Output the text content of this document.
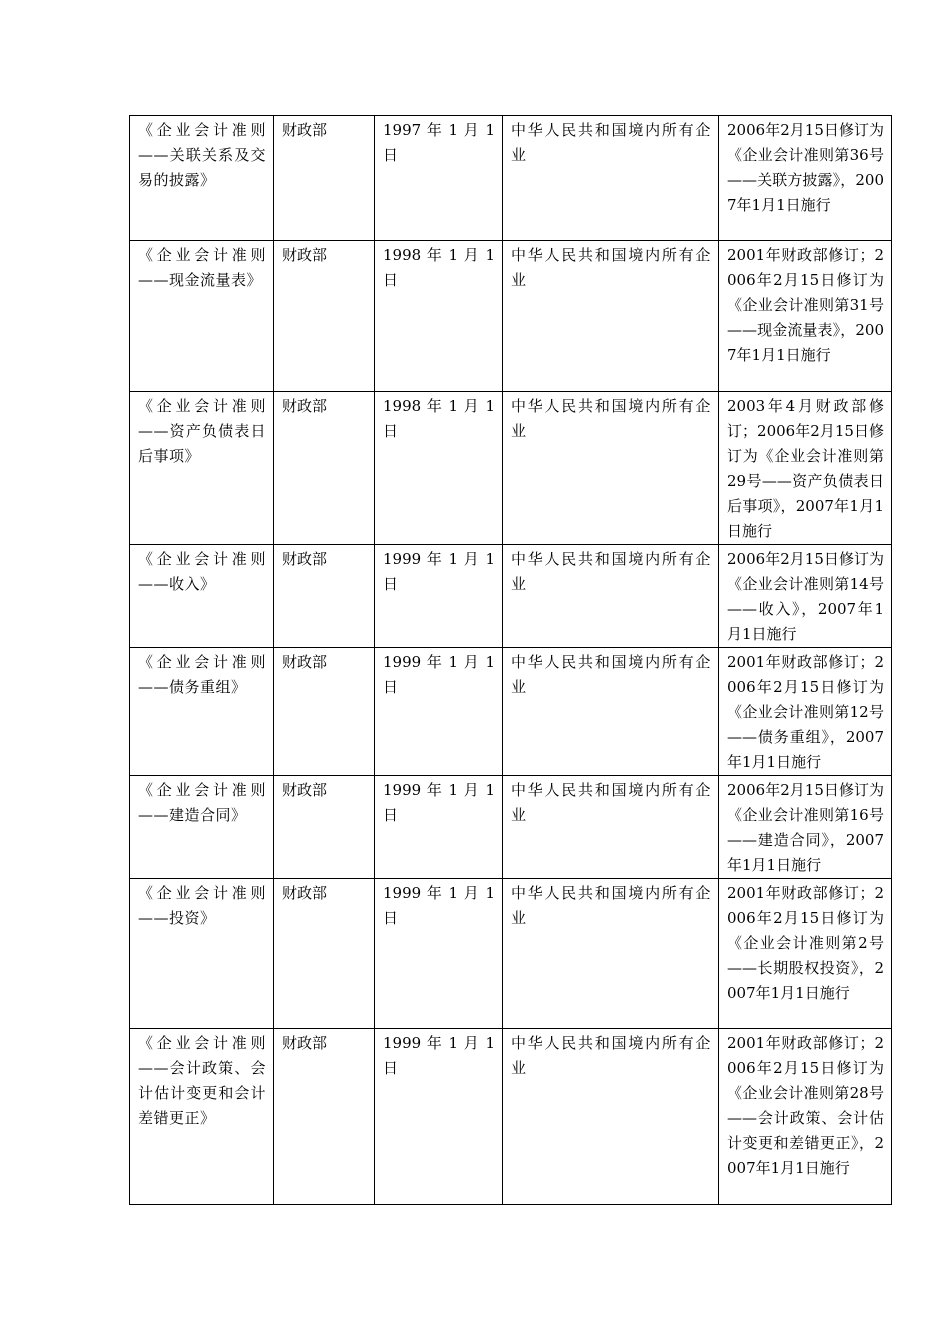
《企业会计准则——关联关系及交易的披露》	财政部	1997 年 1 月 1 日	中华人民共和国境内所有企业	2006年2月15日修订为《企业会计准则第36号——关联方披露》，2007年1月1日施行
《企业会计准则——现金流量表》	财政部	1998 年 1 月 1 日	中华人民共和国境内所有企业	2001年财政部修订；2006年2月15日修订为《企业会计准则第31号——现金流量表》，2007年1月1日施行
《企业会计准则——资产负债表日后事项》	财政部	1998 年 1 月 1 日	中华人民共和国境内所有企业	2003年4月财政部修订；2006年2月15日修订为《企业会计准则第29号——资产负债表日后事项》，2007年1月1日施行
《企业会计准则——收入》	财政部	1999 年 1 月 1 日	中华人民共和国境内所有企业	2006年2月15日修订为《企业会计准则第14号——收入》，2007年1月1日施行
《企业会计准则——债务重组》	财政部	1999 年 1 月 1 日	中华人民共和国境内所有企业	2001年财政部修订；2006年2月15日修订为《企业会计准则第12号——债务重组》，2007年1月1日施行
《企业会计准则——建造合同》	财政部	1999 年 1 月 1 日	中华人民共和国境内所有企业	2006年2月15日修订为《企业会计准则第16号——建造合同》，2007年1月1日施行
《企业会计准则——投资》	财政部	1999 年 1 月 1 日	中华人民共和国境内所有企业	2001年财政部修订；2006年2月15日修订为《企业会计准则第2号——长期股权投资》，2007年1月1日施行
《企业会计准则——会计政策、会计估计变更和会计差错更正》	财政部	1999 年 1 月 1 日	中华人民共和国境内所有企业	2001年财政部修订；2006年2月15日修订为《企业会计准则第28号——会计政策、会计估计变更和差错更正》，2007年1月1日施行
